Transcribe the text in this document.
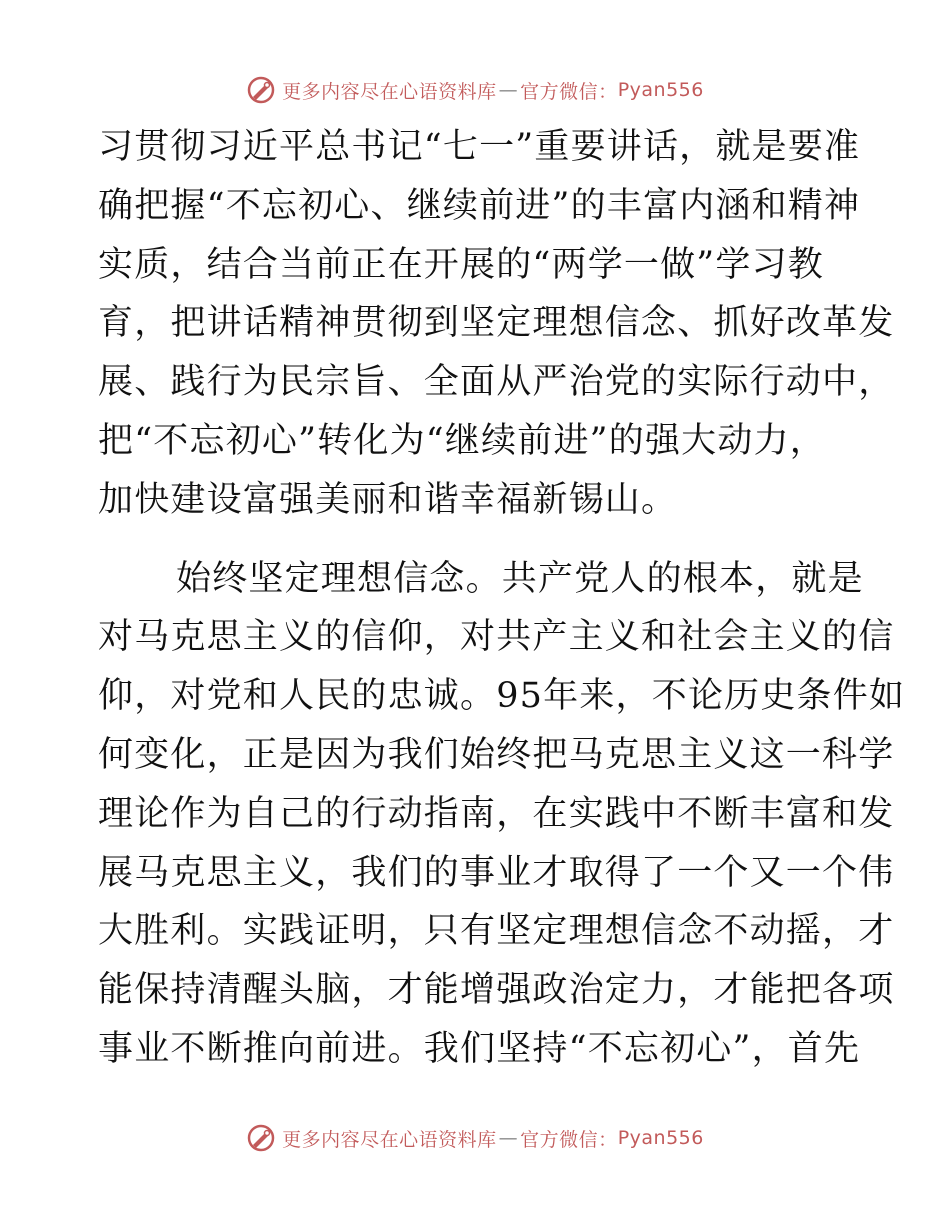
更多内容尽在心语资料库 — 官方微信： Pyan556
习贯彻习近平总书记“七一”重要讲话，就是要准
确把握“不忘初心、继续前进”的丰富内涵和精神
实质，结合当前正在开展的“两学一做”学习教
育，把讲话精神贯彻到坚定理想信念、抓好改革发
展、践行为民宗旨、全面从严治党的实际行动中，
把“不忘初心”转化为“继续前进”的强大动力，
加快建设富强美丽和谐幸福新锡山。
始终坚定理想信念。共产党人的根本，就是
对马克思主义的信仰，对共产主义和社会主义的信
仰，对党和人民的忠诚。95年来，不论历史条件如
何变化，正是因为我们始终把马克思主义这一科学
理论作为自己的行动指南，在实践中不断丰富和发
展马克思主义，我们的事业才取得了一个又一个伟
大胜利。实践证明，只有坚定理想信念不动摇，才
能保持清醒头脑，才能增强政治定力，才能把各项
事业不断推向前进。我们坚持“不忘初心”，首先
更多内容尽在心语资料库 — 官方微信： Pyan556
